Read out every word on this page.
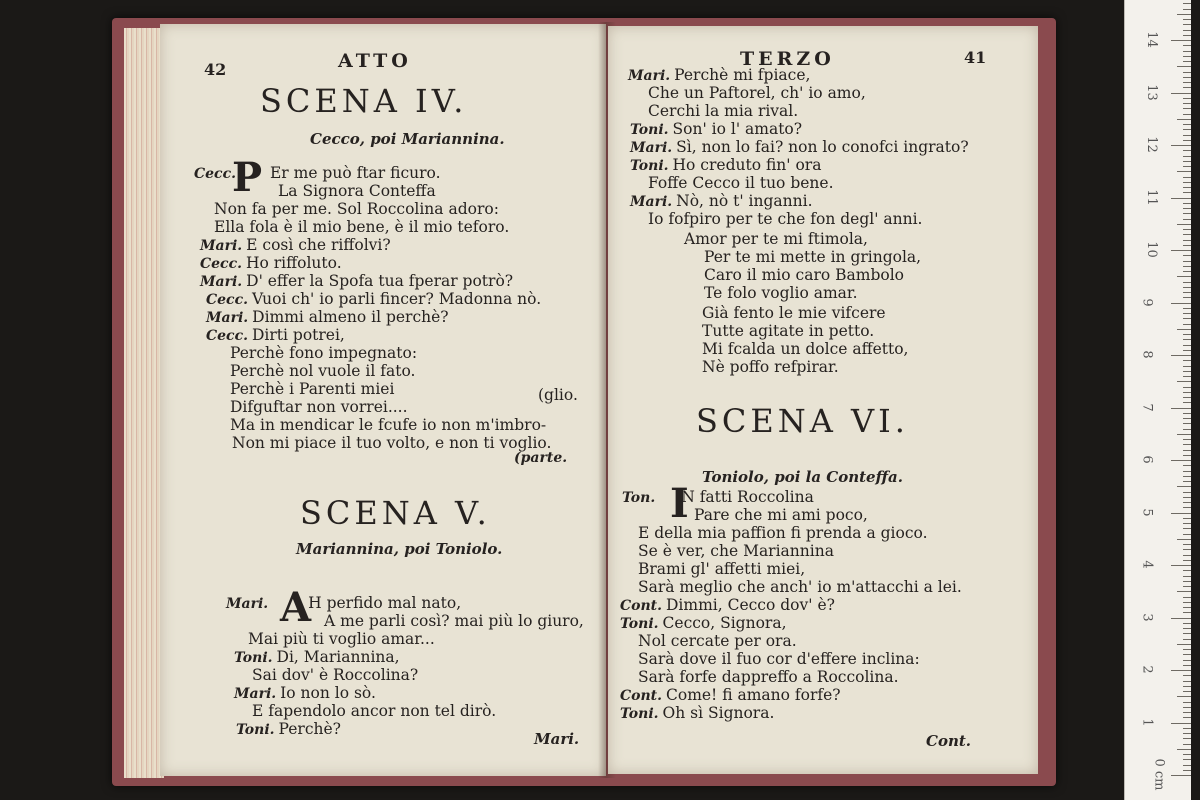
42	ATTO
SCENA IV.
Cecco, poi Mariannina.
P
Cecc. Er me può ftar ficuro.
La Signora Conteffa
Non fa per me. Sol Roccolina adoro:
Ella fola è il mio bene, è il mio teforo.
Mari. E così che riffolvi?
Cecc. Ho riffoluto.
Mari. D' effer la Spofa tua fperar potrò?
Cecc. Vuoi ch' io parli fincer? Madonna nò.
Mari. Dimmi almeno il perchè?
Cecc. Dirti potrei,
Perchè fono impegnato:
Perchè nol vuole il fato.
Perchè i Parenti miei
Difguftar non vorrei....
(glio.
Ma in mendicar le fcufe io non m'imbro-
Non mi piace il tuo volto, e non ti voglio.
(parte.
SCENA V.
Mariannina, poi Toniolo.
A
Mari.	H perfido mal nato,
A me parli così? mai più lo giuro,
Mai più ti voglio amar...
Toni. Di, Mariannina,
Sai dov' è Roccolina?
Mari. Io non lo sò.
E fapendolo ancor non tel dirò.
Toni. Perchè?
Mari.
TERZO	41
Mari. Perchè mi fpiace,
Che un Paftorel, ch' io amo,
Cerchi la mia rival.
Toni. Son' io l' amato?
Mari. Sì, non lo fai? non lo conofci ingrato?
Toni. Ho creduto fin' ora
Foffe Cecco il tuo bene.
Mari. Nò, nò t' inganni.
Io fofpiro per te che fon degl' anni.
Amor per te mi ftimola,
Per te mi mette in gringola,
Caro il mio caro Bambolo
Te folo voglio amar.
Già fento le mie vifcere
Tutte agitate in petto.
Mi fcalda un dolce affetto,
Nè poffo refpirar.
SCENA VI.
Toniolo, poi la Conteffa.
I
Ton. N fatti Roccolina
Pare che mi ami poco,
E della mia paffion fi prenda a gioco.
Se è ver, che Mariannina
Brami gl' affetti miei,
Sarà meglio che anch' io m'attacchi a lei.
Cont. Dimmi, Cecco dov' è?
Toni. Cecco, Signora,
Nol cercate per ora.
Sarà dove il fuo cor d'effere inclina:
Sarà forfe dappreffo a Roccolina.
Cont. Come! fi amano forfe?
Toni. Oh sì Signora.
Cont.
14
13
12
11
10
9
8
7
6
5
4
3
2
1
0 cm
